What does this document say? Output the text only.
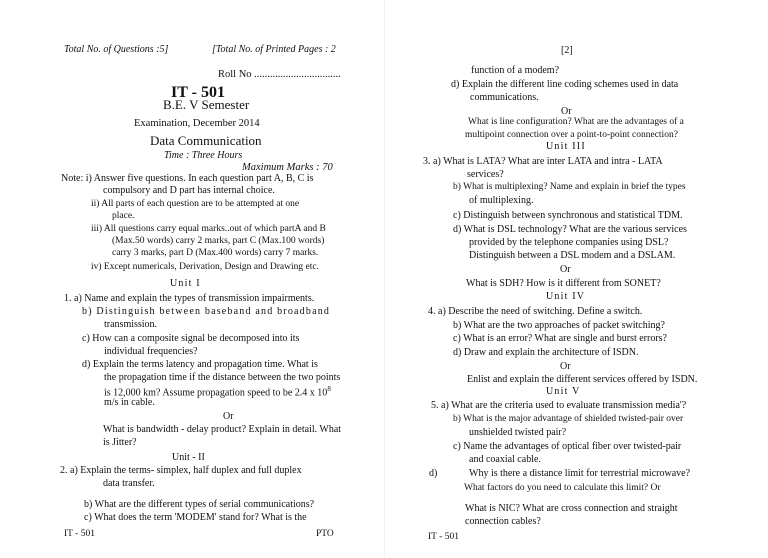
Total No. of Questions :5]	[Total No. of Printed Pages : 2
Roll No .................................
IT - 501
B.E. V Semester
Examination, December 2014
Data Communication
Time : Three Hours
Maximum Marks : 70
Note: i) Answer five questions. In each question part A, B, C is
compulsory and D part has internal choice.
ii) All parts of each question are to be attempted at one
place.
iii) All questions carry equal marks..out of which partA and B
(Max.50 words) carry 2 marks, part C (Max.100 words)
carry 3 marks, part D (Max.400 words) carry 7 marks.
iv) Except numericals, Derivation, Design and Drawing etc.
Unit I
1. a) Name and explain the types of transmission impairments.
b) Distinguish between baseband and broadband
transmission.
c) How can a composite signal be decomposed into its
individual frequencies?
d) Explain the terms latency and propagation time. What is
the propagation time if the distance between the two points
is 12,000 km? Assume propagation speed to be 2.4 x $10^8$
m/s in cable.
Or
What is bandwidth - delay product? Explain in detail. What
is Jitter?
Unit - II
2. a) Explain the terms- simplex, half duplex and full duplex
data transfer.
b) What are the different types of serial communications?
c) What does the term 'MODEM' stand for? What is the
IT - 501	PTO
[2]
function of a modem?
d) Explain the different line coding schemes used in data
communications.
Or
What is line configuration? What are the advantages of a
multipoint connection over a point-to-point connection?
Unit III
3. a) What is LATA? What are inter LATA and intra - LATA
services?
b) What is multiplexing? Name and explain in brief the types
of multiplexing.
c) Distinguish between synchronous and statistical TDM.
d) What is DSL technology? What are the various services
provided by the telephone companies using DSL?
Distinguish between a DSL modem and a DSLAM.
Or
What is SDH? How is it different from SONET?
Unit IV
4. a) Describe the need of switching. Define a switch.
b) What are the two approaches of packet switching?
c) What is an error? What are single and burst errors?
d) Draw and explain the architecture of ISDN.
Or
Enlist and explain the different services offered by ISDN.
Unit V
5. a) What are the criteria used to evaluate transmission media'?
b) What is the major advantage of shielded twisted-pair over
unshielded twisted pair?
c) Name the advantages of optical fiber over twisted-pair
and coaxial cable.
d)	Why is there a distance limit for terrestrial microwave?
What factors do you need to calculate this limit? Or
What is NIC? What are cross connection and straight
connection cables?
IT - 501
